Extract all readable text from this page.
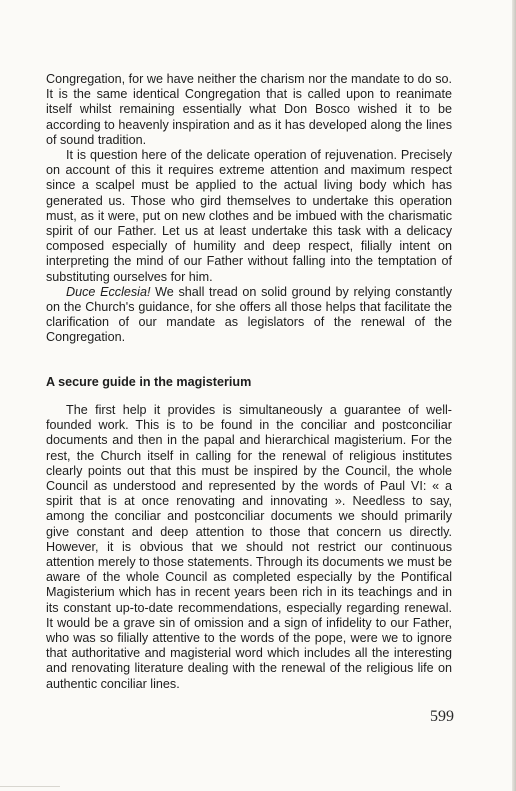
Congregation, for we have neither the charism nor the mandate to do so. It is the same identical Congregation that is called upon to reanimate itself whilst remaining essentially what Don Bosco wished it to be according to heavenly inspiration and as it has developed along the lines of sound tradition.

It is question here of the delicate operation of rejuvenation. Precisely on account of this it requires extreme attention and maximum respect since a scalpel must be applied to the actual living body which has generated us. Those who gird themselves to undertake this operation must, as it were, put on new clothes and be imbued with the charismatic spirit of our Father. Let us at least undertake this task with a delicacy composed especially of humility and deep respect, filially intent on interpreting the mind of our Father without falling into the temptation of substituting ourselves for him.

Duce Ecclesia! We shall tread on solid ground by relying constantly on the Church's guidance, for she offers all those helps that facilitate the clarification of our mandate as legislators of the renewal of the Congregation.

A secure guide in the magisterium

The first help it provides is simultaneously a guarantee of well-founded work. This is to be found in the conciliar and postconciliar documents and then in the papal and hierarchical magisterium. For the rest, the Church itself in calling for the renewal of religious institutes clearly points out that this must be inspired by the Council, the whole Council as understood and represented by the words of Paul VI: « a spirit that is at once renovating and innovating ». Needless to say, among the conciliar and postconciliar documents we should primarily give constant and deep attention to those that concern us directly. However, it is obvious that we should not restrict our continuous attention merely to those statements. Through its documents we must be aware of the whole Council as completed especially by the Pontifical Magisterium which has in recent years been rich in its teachings and in its constant up-to-date recommendations, especially regarding renewal. It would be a grave sin of omission and a sign of infidelity to our Father, who was so filially attentive to the words of the pope, were we to ignore that authoritative and magisterial word which includes all the interesting and renovating literature dealing with the renewal of the religious life on authentic conciliar lines.

599
